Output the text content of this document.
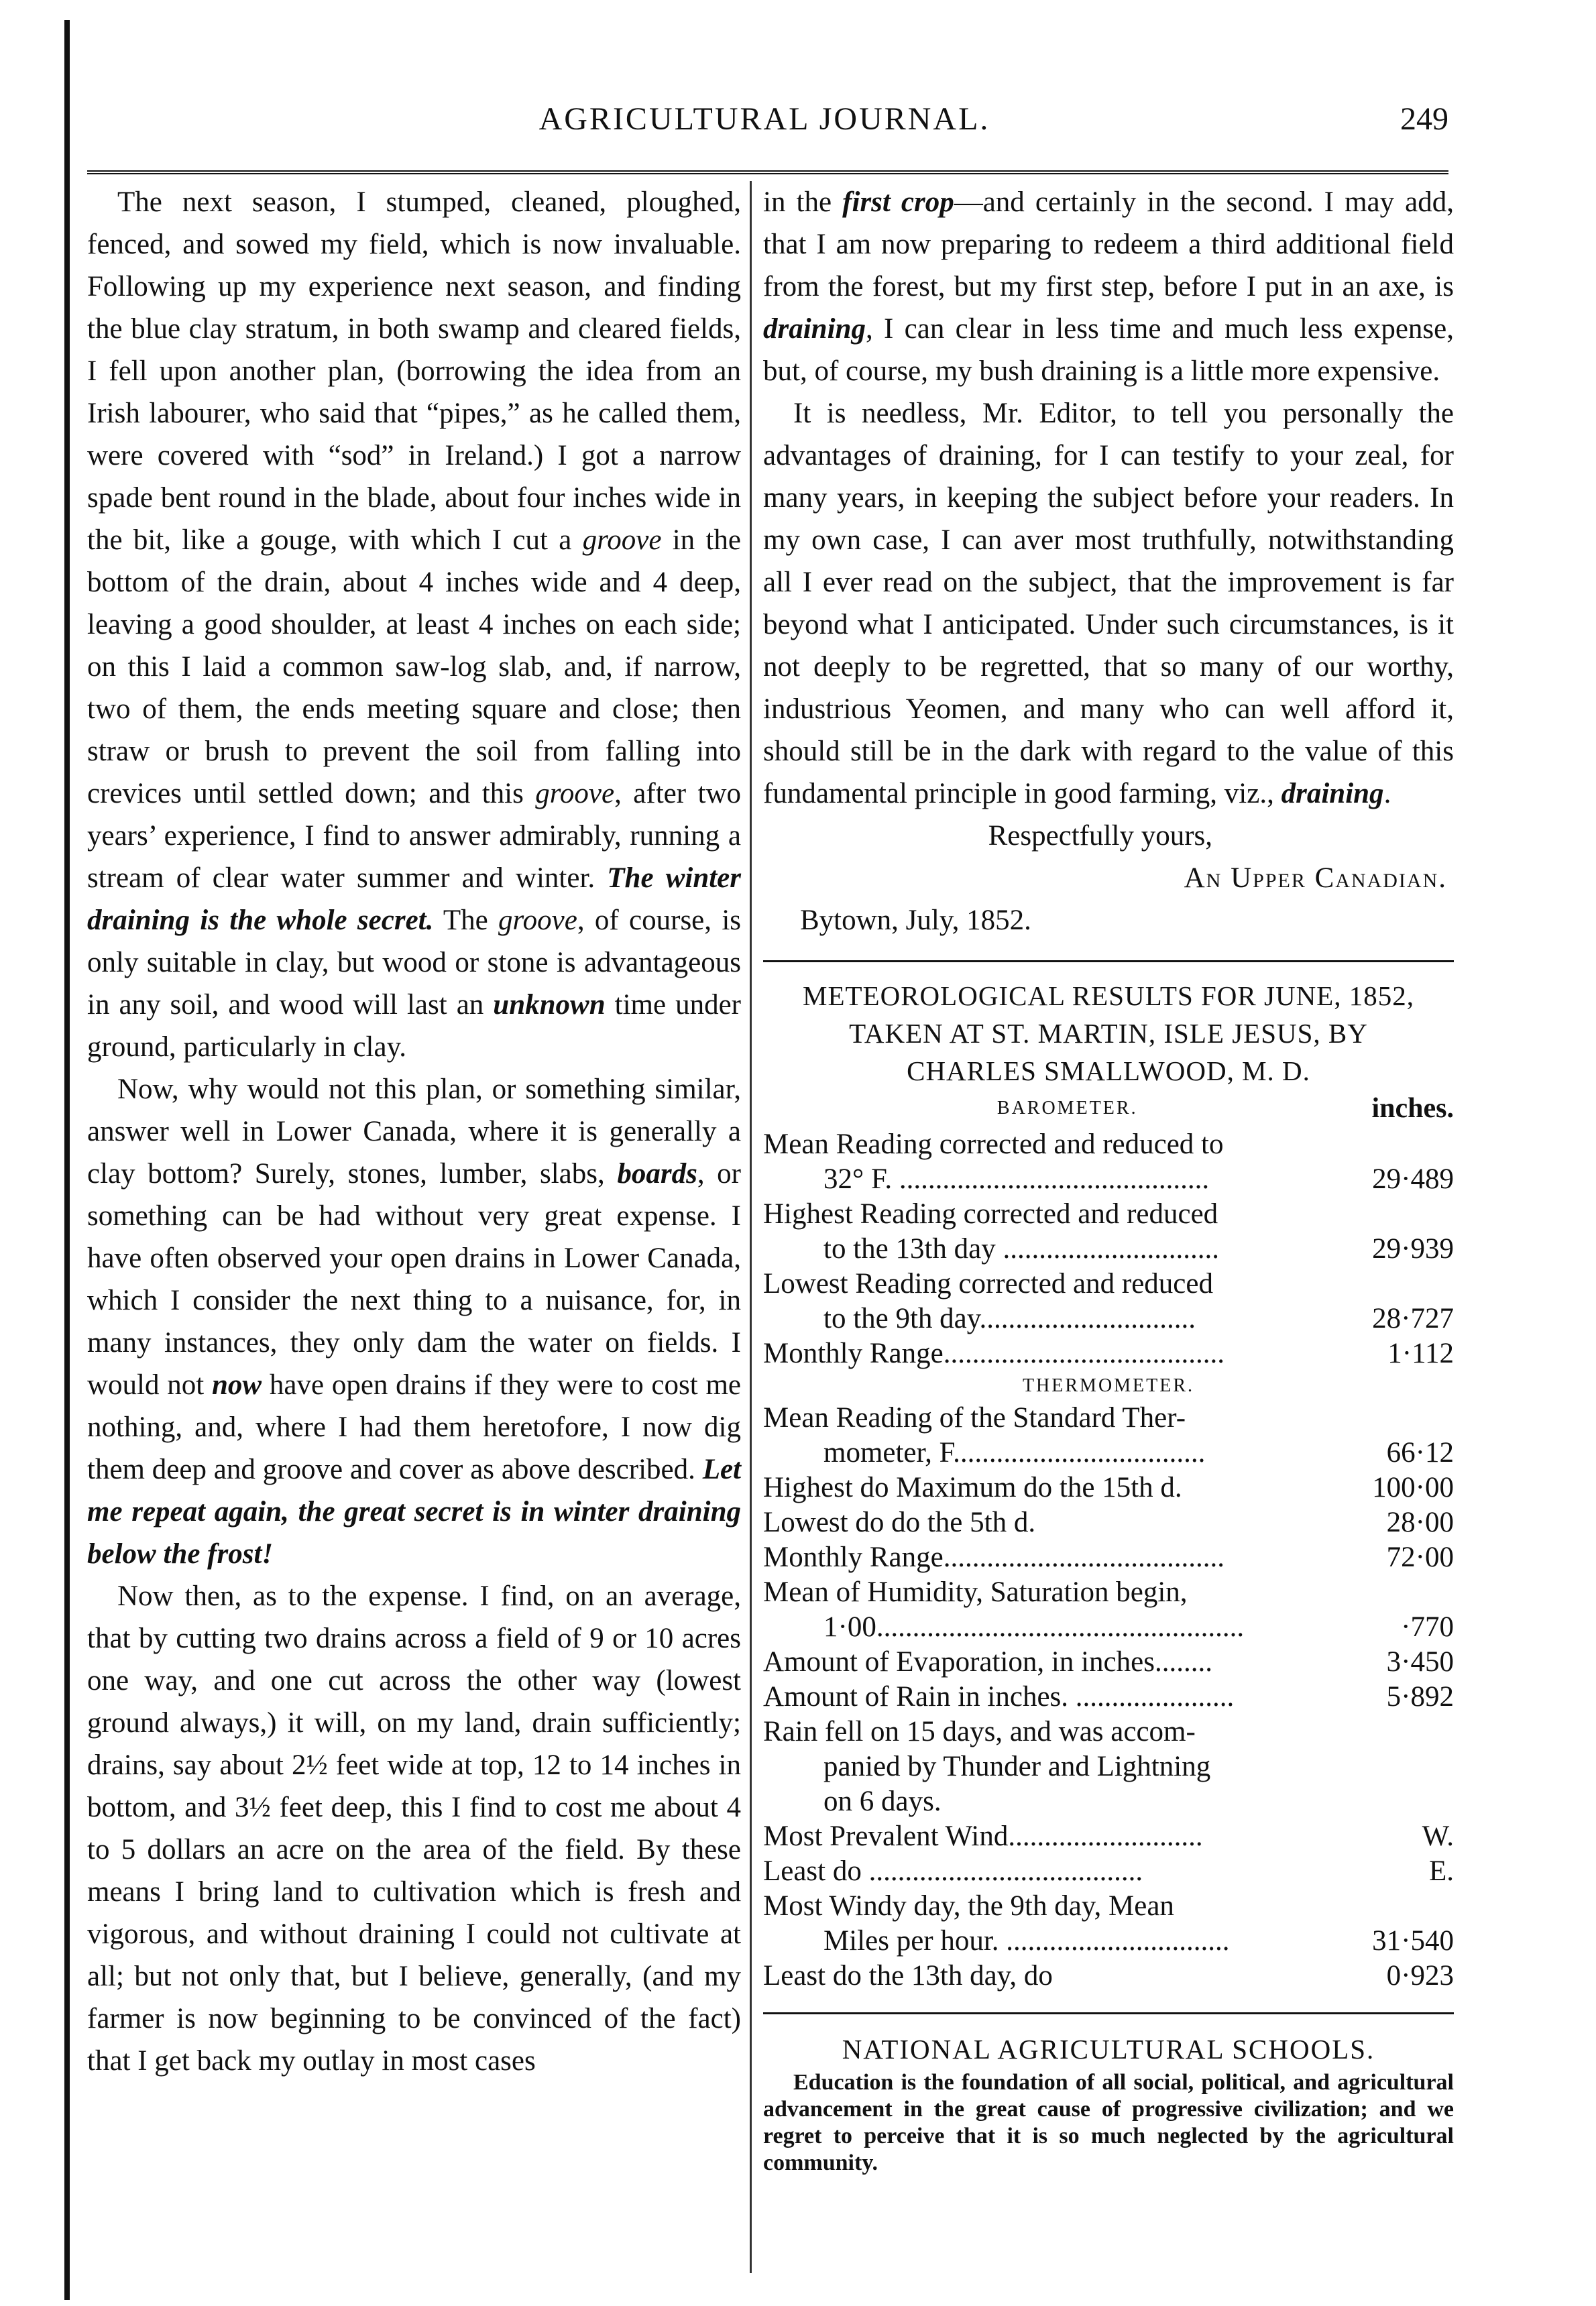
AGRICULTURAL JOURNAL.	249

The next season, I stumped, cleaned, ploughed, fenced, and sowed my field, which is now invaluable. Following up my experience next season, and finding the blue clay stratum, in both swamp and cleared fields, I fell upon another plan, (borrowing the idea from an Irish labourer, who said that “pipes,” as he called them, were covered with “sod” in Ireland.) I got a narrow spade bent round in the blade, about four inches wide in the bit, like a gouge, with which I cut a groove in the bottom of the drain, about 4 inches wide and 4 deep, leaving a good shoulder, at least 4 inches on each side; on this I laid a common saw-log slab, and, if narrow, two of them, the ends meeting square and close; then straw or brush to prevent the soil from falling into crevices until settled down; and this groove, after two years’ experience, I find to answer admirably, running a stream of clear water summer and winter. The winter draining is the whole secret. The groove, of course, is only suitable in clay, but wood or stone is advantageous in any soil, and wood will last an unknown time under ground, particularly in clay.

Now, why would not this plan, or something similar, answer well in Lower Canada, where it is generally a clay bottom? Surely, stones, lumber, slabs, boards, or something can be had without very great expense. I have often observed your open drains in Lower Canada, which I consider the next thing to a nuisance, for, in many instances, they only dam the water on fields. I would not now have open drains if they were to cost me nothing, and, where I had them heretofore, I now dig them deep and groove and cover as above described. Let me repeat again, the great secret is in winter draining below the frost!

Now then, as to the expense. I find, on an average, that by cutting two drains across a field of 9 or 10 acres one way, and one cut across the other way (lowest ground always,) it will, on my land, drain sufficiently; drains, say about 2½ feet wide at top, 12 to 14 inches in bottom, and 3½ feet deep, this I find to cost me about 4 to 5 dollars an acre on the area of the field. By these means I bring land to cultivation which is fresh and vigorous, and without draining I could not cultivate at all; but not only that, but I believe, generally, (and my farmer is now beginning to be convinced of the fact) that I get back my outlay in most cases

in the first crop—and certainly in the second. I may add, that I am now preparing to redeem a third additional field from the forest, but my first step, before I put in an axe, is draining, I can clear in less time and much less expense, but, of course, my bush draining is a little more expensive.

It is needless, Mr. Editor, to tell you personally the advantages of draining, for I can testify to your zeal, for many years, in keeping the subject before your readers. In my own case, I can aver most truthfully, notwithstanding all I ever read on the subject, that the improvement is far beyond what I anticipated. Under such circumstances, is it not deeply to be regretted, that so many of our worthy, industrious Yeomen, and many who can well afford it, should still be in the dark with regard to the value of this fundamental principle in good farming, viz., draining.

Respectfully yours,
An Upper Canadian.
Bytown, July, 1852.
METEOROLOGICAL RESULTS FOR JUNE, 1852,
TAKEN AT ST. MARTIN, ISLE JESUS, BY
CHARLES SMALLWOOD, M. D.
BAROMETER.	inches.
Mean Reading corrected and reduced to
32° F. ...........................................	29·489
Highest Reading corrected and reduced
to the 13th day ..............................	29·939
Lowest Reading corrected and reduced
to the 9th day..............................	28·727
Monthly Range.......................................	1·112
THERMOMETER.
Mean Reading of the Standard Ther-
mometer, F...................................	66·12
Highest do Maximum do the 15th d.	100·00
Lowest do do the 5th d.	28·00
Monthly Range.......................................	72·00
Mean of Humidity, Saturation begin,
1·00...................................................	·770
Amount of Evaporation, in inches........	3·450
Amount of Rain in inches. ......................	5·892
Rain fell on 15 days, and was accom-
panied by Thunder and Lightning
on 6 days.
Most Prevalent Wind...........................	W.
Least do ......................................	E.
Most Windy day, the 9th day, Mean
Miles per hour. ...............................	31·540
Least do the 13th day, do	0·923
NATIONAL AGRICULTURAL SCHOOLS.

Education is the foundation of all social, political, and agricultural advancement in the great cause of progressive civilization; and we regret to perceive that it is so much neglected by the agricultural community.
